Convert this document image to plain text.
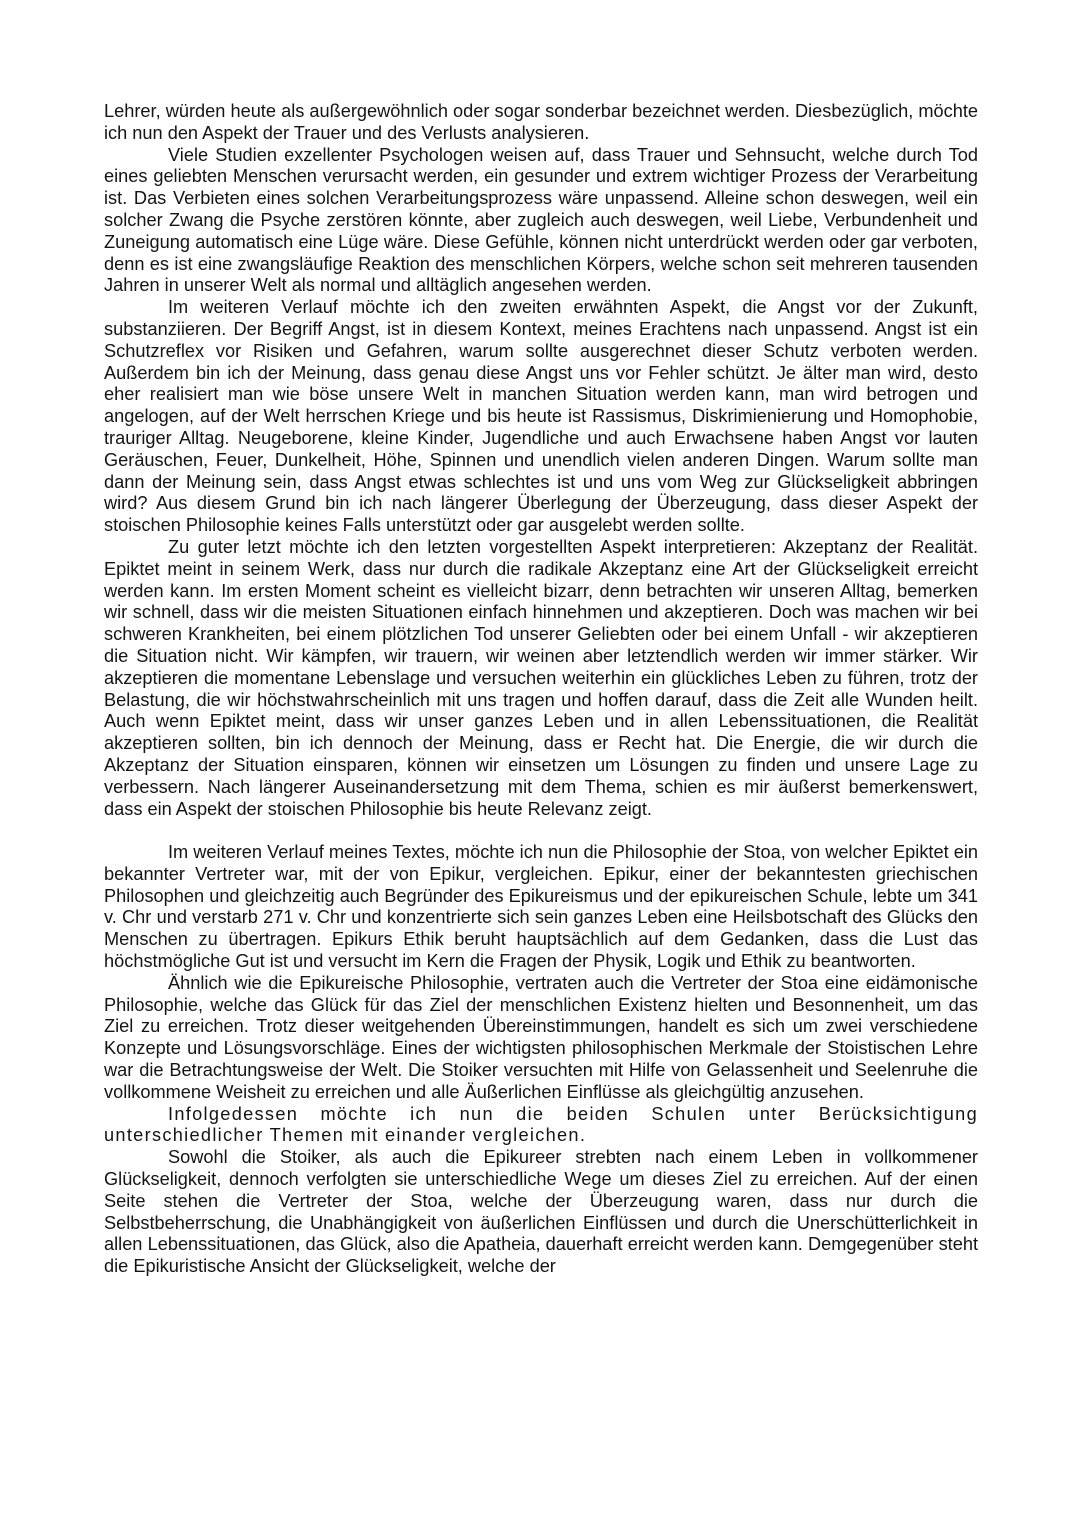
Lehrer, würden heute als außergewöhnlich oder sogar sonderbar bezeichnet werden. Diesbezüglich, möchte ich nun den Aspekt der Trauer und des Verlusts analysieren.

Viele Studien exzellenter Psychologen weisen auf, dass Trauer und Sehnsucht, welche durch Tod eines geliebten Menschen verursacht werden, ein gesunder und extrem wichtiger Prozess der Verarbeitung ist. Das Verbieten eines solchen Verarbeitungsprozess wäre unpassend. Alleine schon deswegen, weil ein solcher Zwang die Psyche zerstören könnte, aber zugleich auch deswegen, weil Liebe, Verbundenheit und Zuneigung automatisch eine Lüge wäre. Diese Gefühle, können nicht unterdrückt werden oder gar verboten, denn es ist eine zwangsläufige Reaktion des menschlichen Körpers, welche schon seit mehreren tausenden Jahren in unserer Welt als normal und alltäglich angesehen werden.

Im weiteren Verlauf möchte ich den zweiten erwähnten Aspekt, die Angst vor der Zukunft, substanziieren. Der Begriff Angst, ist in diesem Kontext, meines Erachtens nach unpassend. Angst ist ein Schutzreflex vor Risiken und Gefahren, warum sollte ausgerechnet dieser Schutz verboten werden. Außerdem bin ich der Meinung, dass genau diese Angst uns vor Fehler schützt. Je älter man wird, desto eher realisiert man wie böse unsere Welt in manchen Situation werden kann, man wird betrogen und angelogen, auf der Welt herrschen Kriege und bis heute ist Rassismus, Diskrimienierung und Homophobie, trauriger Alltag. Neugeborene, kleine Kinder, Jugendliche und auch Erwachsene haben Angst vor lauten Geräuschen, Feuer, Dunkelheit, Höhe, Spinnen und unendlich vielen anderen Dingen. Warum sollte man dann der Meinung sein, dass Angst etwas schlechtes ist und uns vom Weg zur Glückseligkeit abbringen wird? Aus diesem Grund bin ich nach längerer Überlegung der Überzeugung, dass dieser Aspekt der stoischen Philosophie keines Falls unterstützt oder gar ausgelebt werden sollte.

Zu guter letzt möchte ich den letzten vorgestellten Aspekt interpretieren: Akzeptanz der Realität. Epiktet meint in seinem Werk, dass nur durch die radikale Akzeptanz eine Art der Glückseligkeit erreicht werden kann. Im ersten Moment scheint es vielleicht bizarr, denn betrachten wir unseren Alltag, bemerken wir schnell, dass wir die meisten Situationen einfach hinnehmen und akzeptieren. Doch was machen wir bei schweren Krankheiten, bei einem plötzlichen Tod unserer Geliebten oder bei einem Unfall - wir akzeptieren die Situation nicht. Wir kämpfen, wir trauern, wir weinen aber letztendlich werden wir immer stärker. Wir akzeptieren die momentane Lebenslage und versuchen weiterhin ein glückliches Leben zu führen, trotz der Belastung, die wir höchstwahrscheinlich mit uns tragen und hoffen darauf, dass die Zeit alle Wunden heilt. Auch wenn Epiktet meint, dass wir unser ganzes Leben und in allen Lebenssituationen, die Realität akzeptieren sollten, bin ich dennoch der Meinung, dass er Recht hat. Die Energie, die wir durch die Akzeptanz der Situation einsparen, können wir einsetzen um Lösungen zu finden und unsere Lage zu verbessern. Nach längerer Auseinandersetzung mit dem Thema, schien es mir äußerst bemerkenswert, dass ein Aspekt der stoischen Philosophie bis heute Relevanz zeigt.

Im weiteren Verlauf meines Textes, möchte ich nun die Philosophie der Stoa, von welcher Epiktet ein bekannter Vertreter war, mit der von Epikur, vergleichen. Epikur, einer der bekanntesten griechischen Philosophen und gleichzeitig auch Begründer des Epikureismus und der epikureischen Schule, lebte um 341 v. Chr und verstarb 271 v. Chr und konzentrierte sich sein ganzes Leben eine Heilsbotschaft des Glücks den Menschen zu übertragen. Epikurs Ethik beruht hauptsächlich auf dem Gedanken, dass die Lust das höchstmögliche Gut ist und versucht im Kern die Fragen der Physik, Logik und Ethik zu beantworten.

Ähnlich wie die Epikureische Philosophie, vertraten auch die Vertreter der Stoa eine eidämonische Philosophie, welche das Glück für das Ziel der menschlichen Existenz hielten und Besonnenheit, um das Ziel zu erreichen. Trotz dieser weitgehenden Übereinstimmungen, handelt es sich um zwei verschiedene Konzepte und Lösungsvorschläge. Eines der wichtigsten philosophischen Merkmale der Stoistischen Lehre war die Betrachtungsweise der Welt. Die Stoiker versuchten mit Hilfe von Gelassenheit und Seelenruhe die vollkommene Weisheit zu erreichen und alle Äußerlichen Einflüsse als gleichgültig anzusehen.

Infolgedessen möchte ich nun die beiden Schulen unter Berücksichtigung unterschiedlicher Themen mit einander vergleichen.

Sowohl die Stoiker, als auch die Epikureer strebten nach einem Leben in vollkommener Glückseligkeit, dennoch verfolgten sie unterschiedliche Wege um dieses Ziel zu erreichen. Auf der einen Seite stehen die Vertreter der Stoa, welche der Überzeugung waren, dass nur durch die Selbstbeherrschung, die Unabhängigkeit von äußerlichen Einflüssen und durch die Unerschütterlichkeit in allen Lebenssituationen, das Glück, also die Apatheia, dauerhaft erreicht werden kann. Demgegenüber steht die Epikuristische Ansicht der Glückseligkeit, welche der
